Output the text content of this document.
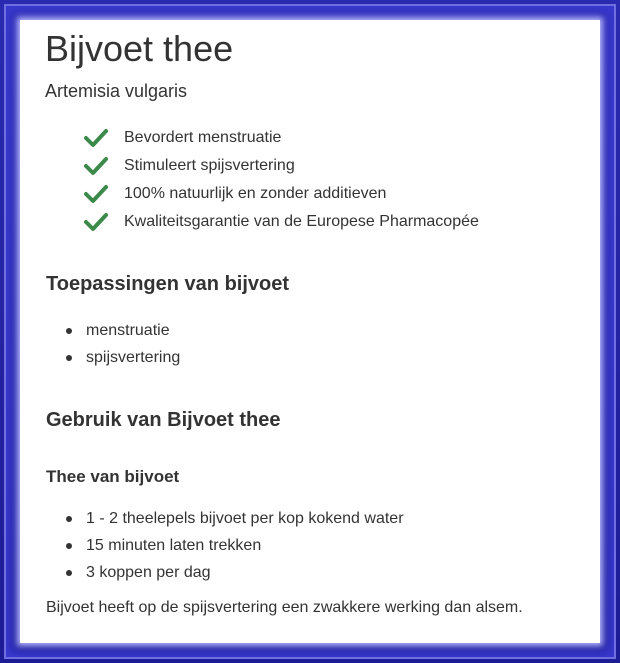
Bijvoet thee
Artemisia vulgaris
Bevordert menstruatie
Stimuleert spijsvertering
100% natuurlijk en zonder additieven
Kwaliteitsgarantie van de Europese Pharmacopée
Toepassingen van bijvoet
menstruatie
spijsvertering
Gebruik van Bijvoet thee
Thee van bijvoet
1 - 2 theelepels bijvoet per kop kokend water
15 minuten laten trekken
3 koppen per dag

Bijvoet heeft op de spijsvertering een zwakkere werking dan alsem.
